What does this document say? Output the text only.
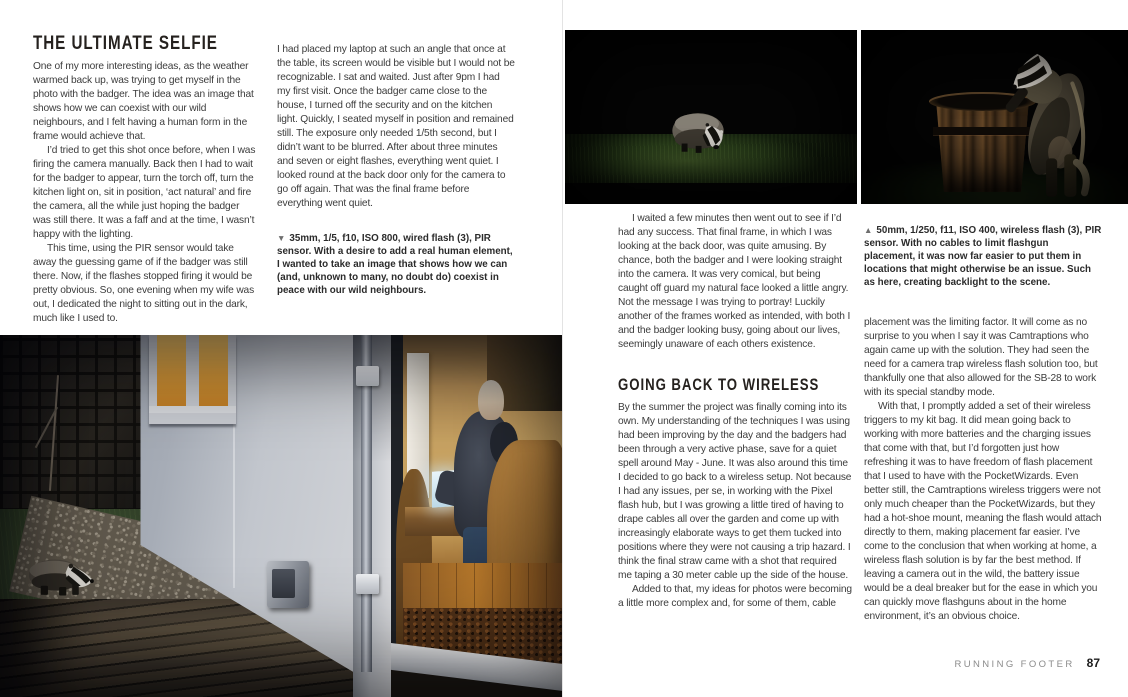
THE ULTIMATE SELFIE

One of my more interesting ideas, as the weather warmed back up, was trying to get myself in the photo with the badger. The idea was an image that shows how we can coexist with our wild neighbours, and I felt having a human form in the frame would achieve that.

I’d tried to get this shot once before, when I was firing the camera manually. Back then I had to wait for the badger to appear, turn the torch off, turn the kitchen light on, sit in position, ‘act natural’ and fire the camera, all the while just hoping the badger was still there. It was a faff and at the time, I wasn’t happy with the lighting.

This time, using the PIR sensor would take away the guessing game of if the badger was still there. Now, if the flashes stopped firing it would be pretty obvious. So, one evening when my wife was out, I dedicated the night to sitting out in the dark, much like I used to.

I had placed my laptop at such an angle that once at the table, its screen would be visible but I would not be recognizable. I sat and waited. Just after 9pm I had my first visit. Once the badger came close to the house, I turned off the security and on the kitchen light. Quickly, I seated myself in position and remained still. The exposure only needed 1/5th second, but I didn’t want to be blurred. After about three minutes and seven or eight flashes, everything went quiet. I looked round at the back door only for the camera to go off again. That was the final frame before everything went quiet.

▼ 35mm, 1/5, f10, ISO 800, wired flash (3), PIR sensor. With a desire to add a real human element, I wanted to take an image that shows how we can (and, unknown to many, no doubt do) coexist in peace with our wild neighbours.

I waited a few minutes then went out to see if I’d had any success. That final frame, in which I was looking at the back door, was quite amusing. By chance, both the badger and I were looking straight into the camera. It was very comical, but being caught off guard my natural face looked a little angry. Not the message I was trying to portray! Luckily another of the frames worked as intended, with both I and the badger looking busy, going about our lives, seemingly unaware of each others existence.

GOING BACK TO WIRELESS

By the summer the project was finally coming into its own. My understanding of the techniques I was using had been improving by the day and the badgers had been through a very active phase, save for a quiet spell around May - June. It was also around this time I decided to go back to a wireless setup. Not because I had any issues, per se, in working with the Pixel flash hub, but I was growing a little tired of having to drape cables all over the garden and come up with increasingly elaborate ways to get them tucked into positions where they were not causing a trip hazard. I think the final straw came with a shot that required me taping a 30 meter cable up the side of the house.

Added to that, my ideas for photos were becoming a little more complex and, for some of them, cable

▲ 50mm, 1/250, f11, ISO 400, wireless flash (3), PIR sensor. With no cables to limit flashgun placement, it was now far easier to put them in locations that might otherwise be an issue. Such as here, creating backlight to the scene.

placement was the limiting factor. It will come as no surprise to you when I say it was Camtraptions who again came up with the solution. They had seen the need for a camera trap wireless flash solution too, but thankfully one that also allowed for the SB-28 to work with its special standby mode.

With that, I promptly added a set of their wireless triggers to my kit bag. It did mean going back to working with more batteries and the charging issues that come with that, but I’d forgotten just how refreshing it was to have freedom of flash placement that I used to have with the PocketWizards. Even better still, the Camtraptions wireless triggers were not only much cheaper than the PocketWizards, but they had a hot-shoe mount, meaning the flash would attach directly to them, making placement far easier. I’ve come to the conclusion that when working at home, a wireless flash solution is by far the best method. If leaving a camera out in the wild, the battery issue would be a deal breaker but for the ease in which you can quickly move flashguns about in the home environment, it’s an obvious choice.

RUNNING FOOTER 87
